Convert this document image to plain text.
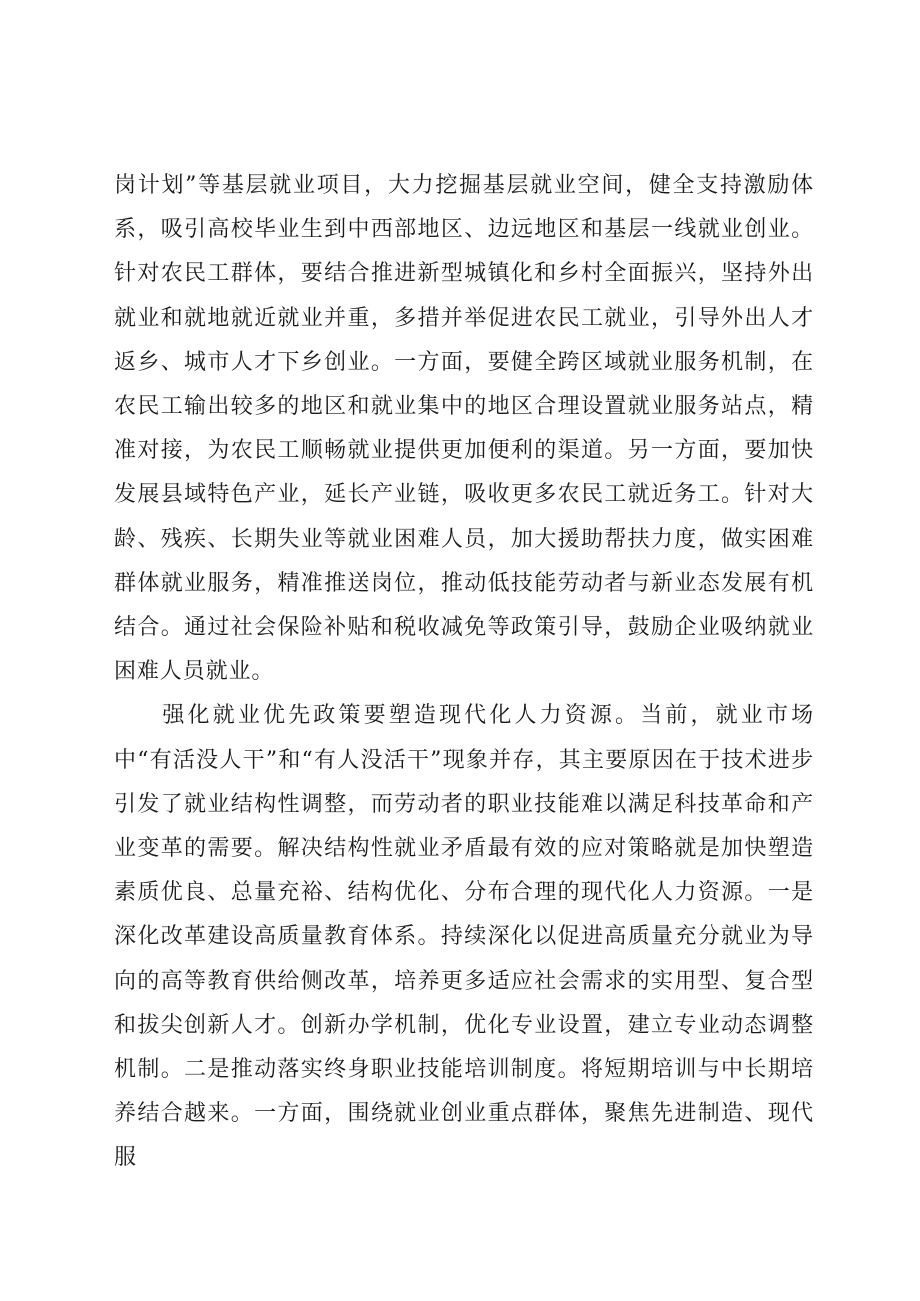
岗计划”等基层就业项目，大力挖掘基层就业空间，健全支持激励体系，吸引高校毕业生到中西部地区、边远地区和基层一线就业创业。针对农民工群体，要结合推进新型城镇化和乡村全面振兴，坚持外出就业和就地就近就业并重，多措并举促进农民工就业，引导外出人才返乡、城市人才下乡创业。一方面，要健全跨区域就业服务机制，在农民工输出较多的地区和就业集中的地区合理设置就业服务站点，精准对接，为农民工顺畅就业提供更加便利的渠道。另一方面，要加快发展县域特色产业，延长产业链，吸收更多农民工就近务工。针对大龄、残疾、长期失业等就业困难人员，加大援助帮扶力度，做实困难群体就业服务，精准推送岗位，推动低技能劳动者与新业态发展有机结合。通过社会保险补贴和税收减免等政策引导，鼓励企业吸纳就业困难人员就业。

强化就业优先政策要塑造现代化人力资源。当前，就业市场中“有活没人干”和“有人没活干”现象并存，其主要原因在于技术进步引发了就业结构性调整，而劳动者的职业技能难以满足科技革命和产业变革的需要。解决结构性就业矛盾最有效的应对策略就是加快塑造素质优良、总量充裕、结构优化、分布合理的现代化人力资源。一是深化改革建设高质量教育体系。持续深化以促进高质量充分就业为导向的高等教育供给侧改革，培养更多适应社会需求的实用型、复合型和拔尖创新人才。创新办学机制，优化专业设置，建立专业动态调整机制。二是推动落实终身职业技能培训制度。将短期培训与中长期培养结合越来。一方面，围绕就业创业重点群体，聚焦先进制造、现代服
